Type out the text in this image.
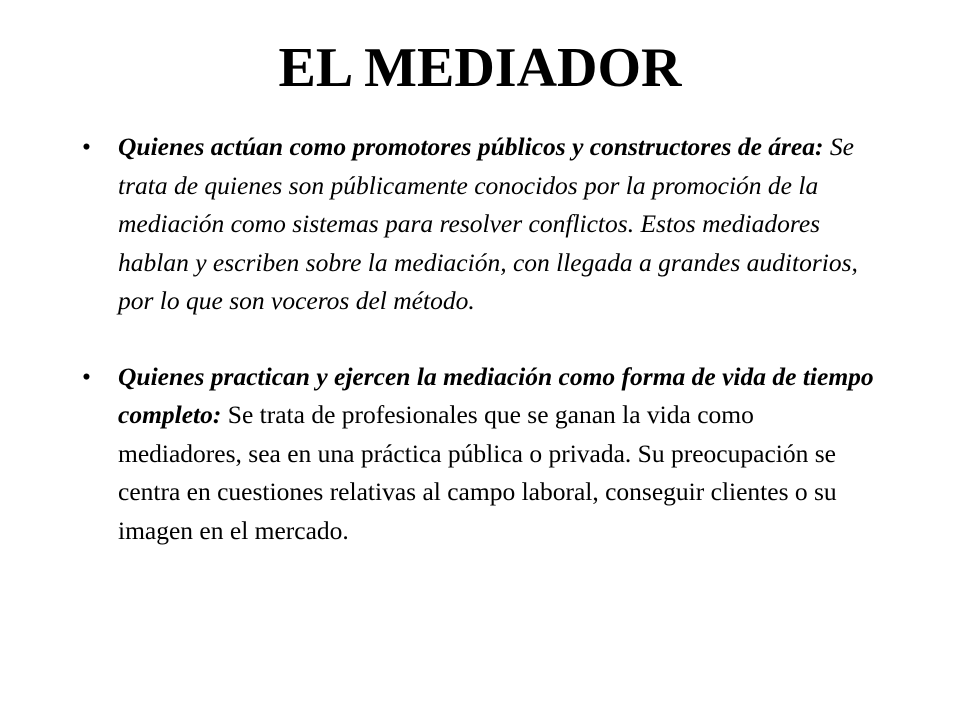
EL MEDIADOR
• Quienes actúan como promotores públicos y constructores de área: Se trata de quienes son públicamente conocidos por la promoción de la mediación como sistemas para resolver conflictos. Estos mediadores hablan y escriben sobre la mediación, con llegada a grandes auditorios, por lo que son voceros del método.
• Quienes practican y ejercen la mediación como forma de vida de tiempo completo: Se trata de profesionales que se ganan la vida como mediadores, sea en una práctica pública o privada. Su preocupación se centra en cuestiones relativas al campo laboral, conseguir clientes o su imagen en el mercado.
